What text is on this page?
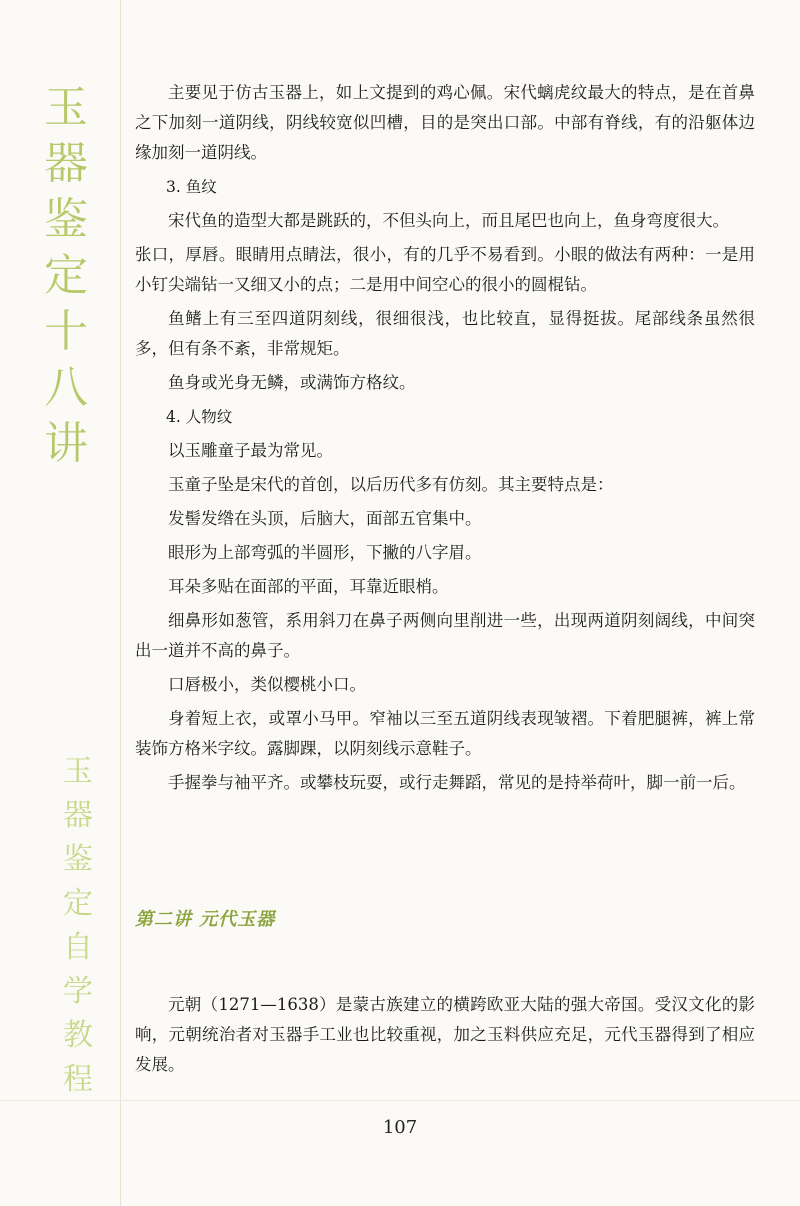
玉
器
鉴
定
十
八
讲
玉
器
鉴
定
自
学
教
程

主要见于仿古玉器上，如上文提到的鸡心佩。宋代螭虎纹最大的特点，是在首鼻之下加刻一道阴线，阴线较宽似凹槽，目的是突出口部。中部有脊线，有的沿躯体边缘加刻一道阴线。

3. 鱼纹

宋代鱼的造型大都是跳跃的，不但头向上，而且尾巴也向上，鱼身弯度很大。

张口，厚唇。眼睛用点睛法，很小，有的几乎不易看到。小眼的做法有两种：一是用小钉尖端钻一又细又小的点；二是用中间空心的很小的圆棍钻。

鱼鳍上有三至四道阴刻线，很细很浅，也比较直，显得挺拔。尾部线条虽然很多，但有条不紊，非常规矩。

鱼身或光身无鳞，或满饰方格纹。

4. 人物纹

以玉雕童子最为常见。

玉童子坠是宋代的首创，以后历代多有仿刻。其主要特点是：

发髻发绺在头顶，后脑大，面部五官集中。

眼形为上部弯弧的半圆形，下撇的八字眉。

耳朵多贴在面部的平面，耳靠近眼梢。

细鼻形如葱管，系用斜刀在鼻子两侧向里削进一些，出现两道阴刻阔线，中间突出一道并不高的鼻子。

口唇极小，类似樱桃小口。

身着短上衣，或罩小马甲。窄袖以三至五道阴线表现皱褶。下着肥腿裤，裤上常装饰方格米字纹。露脚踝，以阴刻线示意鞋子。

手握拳与袖平齐。或攀枝玩耍，或行走舞蹈，常见的是持举荷叶，脚一前一后。

第二讲 元代玉器

元朝（1271—1638）是蒙古族建立的横跨欧亚大陆的强大帝国。受汉文化的影响，元朝统治者对玉器手工业也比较重视，加之玉料供应充足，元代玉器得到了相应发展。

107
